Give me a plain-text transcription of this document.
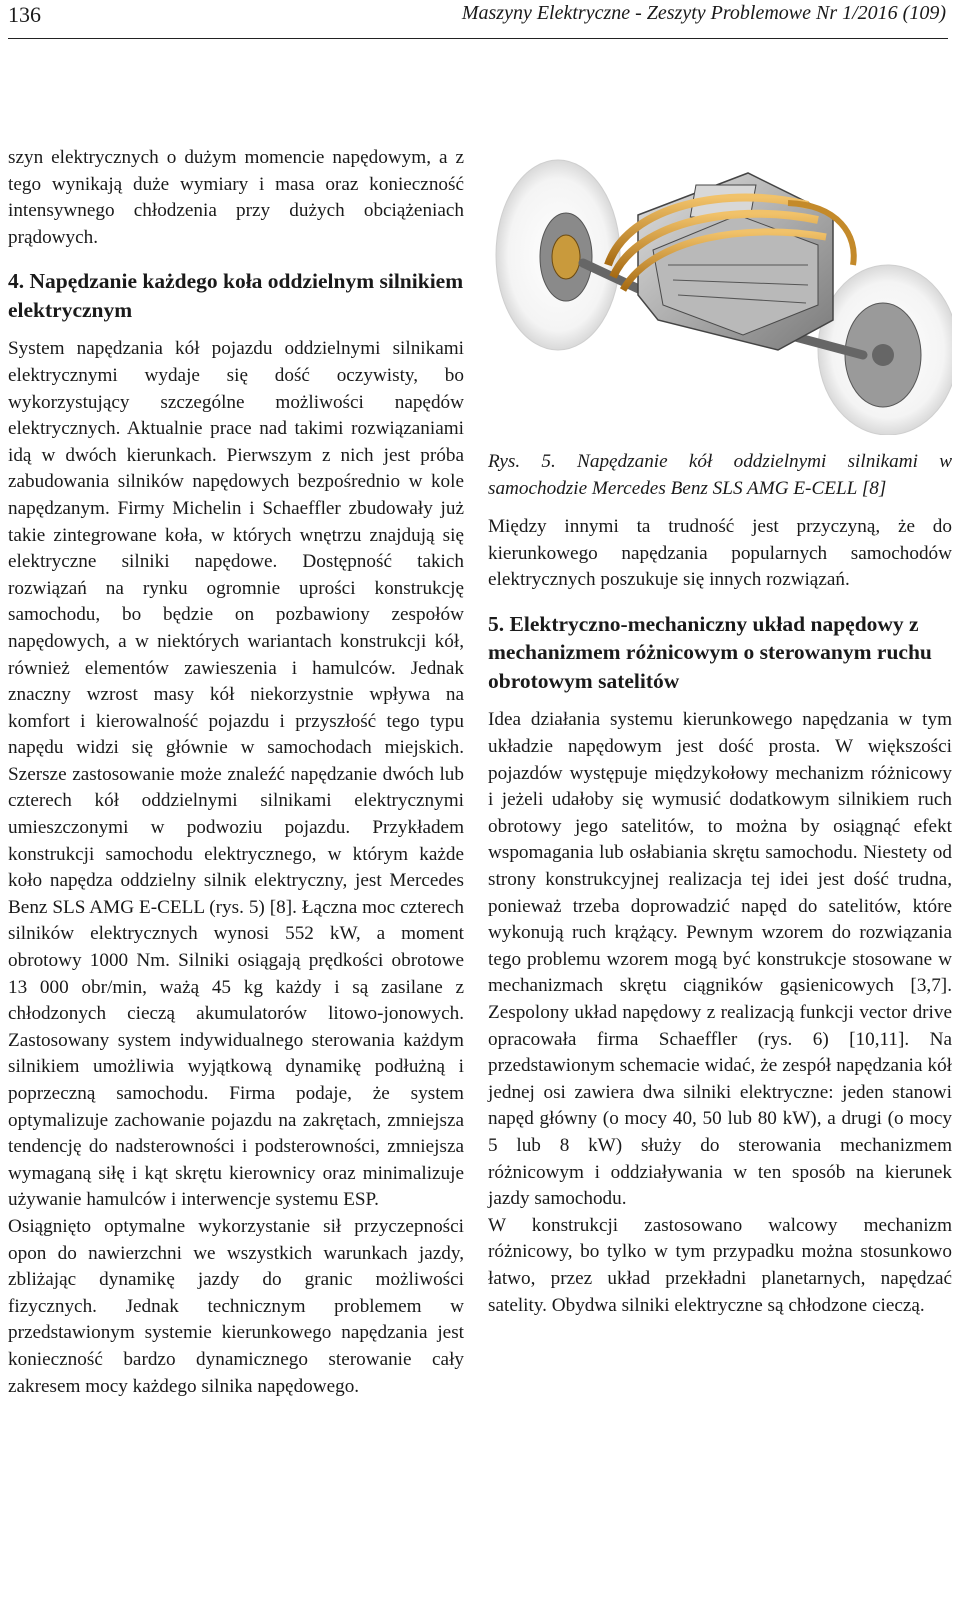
136	Maszyny Elektryczne - Zeszyty Problemowe Nr 1/2016 (109)

szyn elektrycznych o dużym momencie napędowym, a z tego wynikają duże wymiary i masa oraz konieczność intensywnego chłodzenia przy dużych obciążeniach prądowych.

4. Napędzanie każdego koła oddzielnym silnikiem elektrycznym

System napędzania kół pojazdu oddzielnymi silnikami elektrycznymi wydaje się dość oczywisty, bo wykorzystujący szczególne możliwości napędów elektrycznych. Aktualnie prace nad takimi rozwiązaniami idą w dwóch kierunkach. Pierwszym z nich jest próba zabudowania silników napędowych bezpośrednio w kole napędzanym. Firmy Michelin i Schaeffler zbudowały już takie zintegrowane koła, w których wnętrzu znajdują się elektryczne silniki napędowe. Dostępność takich rozwiązań na rynku ogromnie uprości konstrukcję samochodu, bo będzie on pozbawiony zespołów napędowych, a w niektórych wariantach konstrukcji kół, również elementów zawieszenia i hamulców. Jednak znaczny wzrost masy kół niekorzystnie wpływa na komfort i kierowalność pojazdu i przyszłość tego typu napędu widzi się głównie w samochodach miejskich. Szersze zastosowanie może znaleźć napędzanie dwóch lub czterech kół oddzielnymi silnikami elektrycznymi umieszczonymi w podwoziu pojazdu. Przykładem konstrukcji samochodu elektrycznego, w którym każde koło napędza oddzielny silnik elektryczny, jest Mercedes Benz SLS AMG E-CELL (rys. 5) [8]. Łączna moc czterech silników elektrycznych wynosi 552 kW, a moment obrotowy 1000 Nm. Silniki osiągają prędkości obrotowe 13 000 obr/min, ważą 45 kg każdy i są zasilane z chłodzonych cieczą akumulatorów litowo-jonowych. Zastosowany system indywidualnego sterowania każdym silnikiem umożliwia wyjątkową dynamikę podłużną i poprzeczną samochodu. Firma podaje, że system optymalizuje zachowanie pojazdu na zakrętach, zmniejsza tendencję do nadsterowności i podsterowności, zmniejsza wymaganą siłę i kąt skrętu kierownicy oraz minimalizuje używanie hamulców i interwencje systemu ESP.

Osiągnięto optymalne wykorzystanie sił przyczepności opon do nawierzchni we wszystkich warunkach jazdy, zbliżając dynamikę jazdy do granic możliwości fizycznych. Jednak technicznym problemem w przedstawionym systemie kierunkowego napędzania jest konieczność bardzo dynamicznego sterowanie cały zakresem mocy każdego silnika napędowego.

Rys. 5. Napędzanie kół oddzielnymi silnikami w samochodzie Mercedes Benz SLS AMG E-CELL [8]

Między innymi ta trudność jest przyczyną, że do kierunkowego napędzania popularnych samochodów elektrycznych poszukuje się innych rozwiązań.

5. Elektryczno-mechaniczny układ napędowy z mechanizmem różnicowym o sterowanym ruchu obrotowym satelitów

Idea działania systemu kierunkowego napędzania w tym układzie napędowym jest dość prosta. W większości pojazdów występuje międzykołowy mechanizm różnicowy i jeżeli udałoby się wymusić dodatkowym silnikiem ruch obrotowy jego satelitów, to można by osiągnąć efekt wspomagania lub osłabiania skrętu samochodu. Niestety od strony konstrukcyjnej realizacja tej idei jest dość trudna, ponieważ trzeba doprowadzić napęd do satelitów, które wykonują ruch krążący. Pewnym wzorem do rozwiązania tego problemu wzorem mogą być konstrukcje stosowane w mechanizmach skrętu ciągników gąsienicowych [3,7]. Zespolony układ napędowy z realizacją funkcji vector drive opracowała firma Schaeffler (rys. 6) [10,11]. Na przedstawionym schemacie widać, że zespół napędzania kół jednej osi zawiera dwa silniki elektryczne: jeden stanowi napęd główny (o mocy 40, 50 lub 80 kW), a drugi (o mocy 5 lub 8 kW) służy do sterowania mechanizmem różnicowym i oddziaływania w ten sposób na kierunek jazdy samochodu.

W konstrukcji zastosowano walcowy mechanizm różnicowy, bo tylko w tym przypadku można stosunkowo łatwo, przez układ przekładni planetarnych, napędzać satelity. Obydwa silniki elektryczne są chłodzone cieczą.
